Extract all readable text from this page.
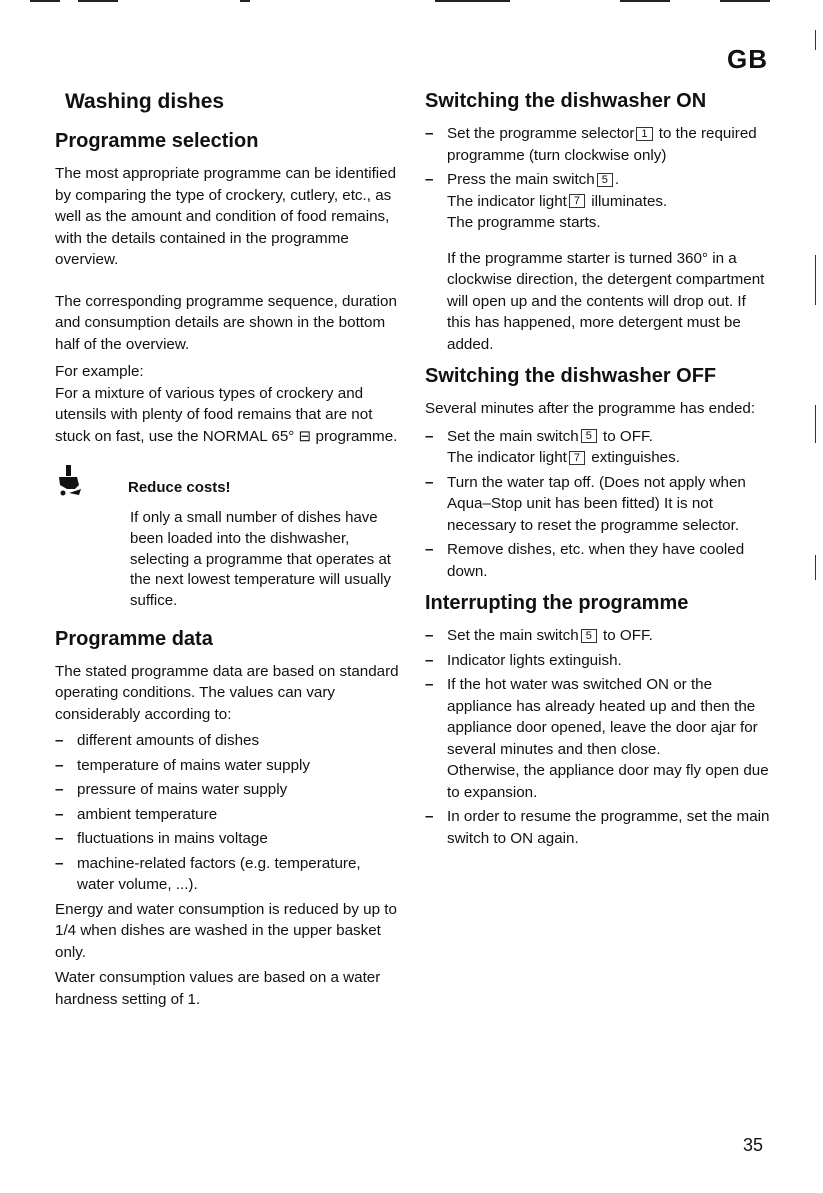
GB
Washing dishes
Programme selection

The most appropriate programme can be identified by comparing the type of crockery, cutlery, etc., as well as the amount and condition of food remains, with the details contained in the programme overview.

The corresponding programme sequence, duration and consumption details are shown in the bottom half of the overview.

For example:

For a mixture of various types of crockery and utensils with plenty of food remains that are not stuck on fast, use the NORMAL 65° ⊟ programme.

Reduce costs!
If only a small number of dishes have been loaded into the dishwasher, selecting a programme that operates at the next lowest temperature will usually suffice.
Programme data

The stated programme data are based on standard operating conditions. The values can vary considerably according to:

– different amounts of dishes
– temperature of mains water supply
– pressure of mains water supply
– ambient temperature
– fluctuations in mains voltage
– machine-related factors (e.g. temperature, water volume, ...).

Energy and water consumption is reduced by up to 1/4 when dishes are washed in the upper basket only.

Water consumption values are based on a water hardness setting of 1.

Switching the dishwasher ON
– Set the programme selector 1 to the required programme (turn clockwise only)
– Press the main switch 5 .
The indicator light 7 illuminates.
The programme starts.

If the programme starter is turned 360° in a clockwise direction, the detergent compartment will open up and the contents will drop out. If this has happened, more detergent must be added.

Switching the dishwasher OFF

Several minutes after the programme has ended:

– Set the main switch 5 to OFF.
The indicator light 7 extinguishes.
– Turn the water tap off. (Does not apply when Aqua–Stop unit has been fitted) It is not necessary to reset the programme selector.
– Remove dishes, etc. when they have cooled down.
Interrupting the programme
– Set the main switch 5 to OFF.
– Indicator lights extinguish.
– If the hot water was switched ON or the appliance has already heated up and then the appliance door opened, leave the door ajar for several minutes and then close.
Otherwise, the appliance door may fly open due to expansion.
– In order to resume the programme, set the main switch to ON again.
35
